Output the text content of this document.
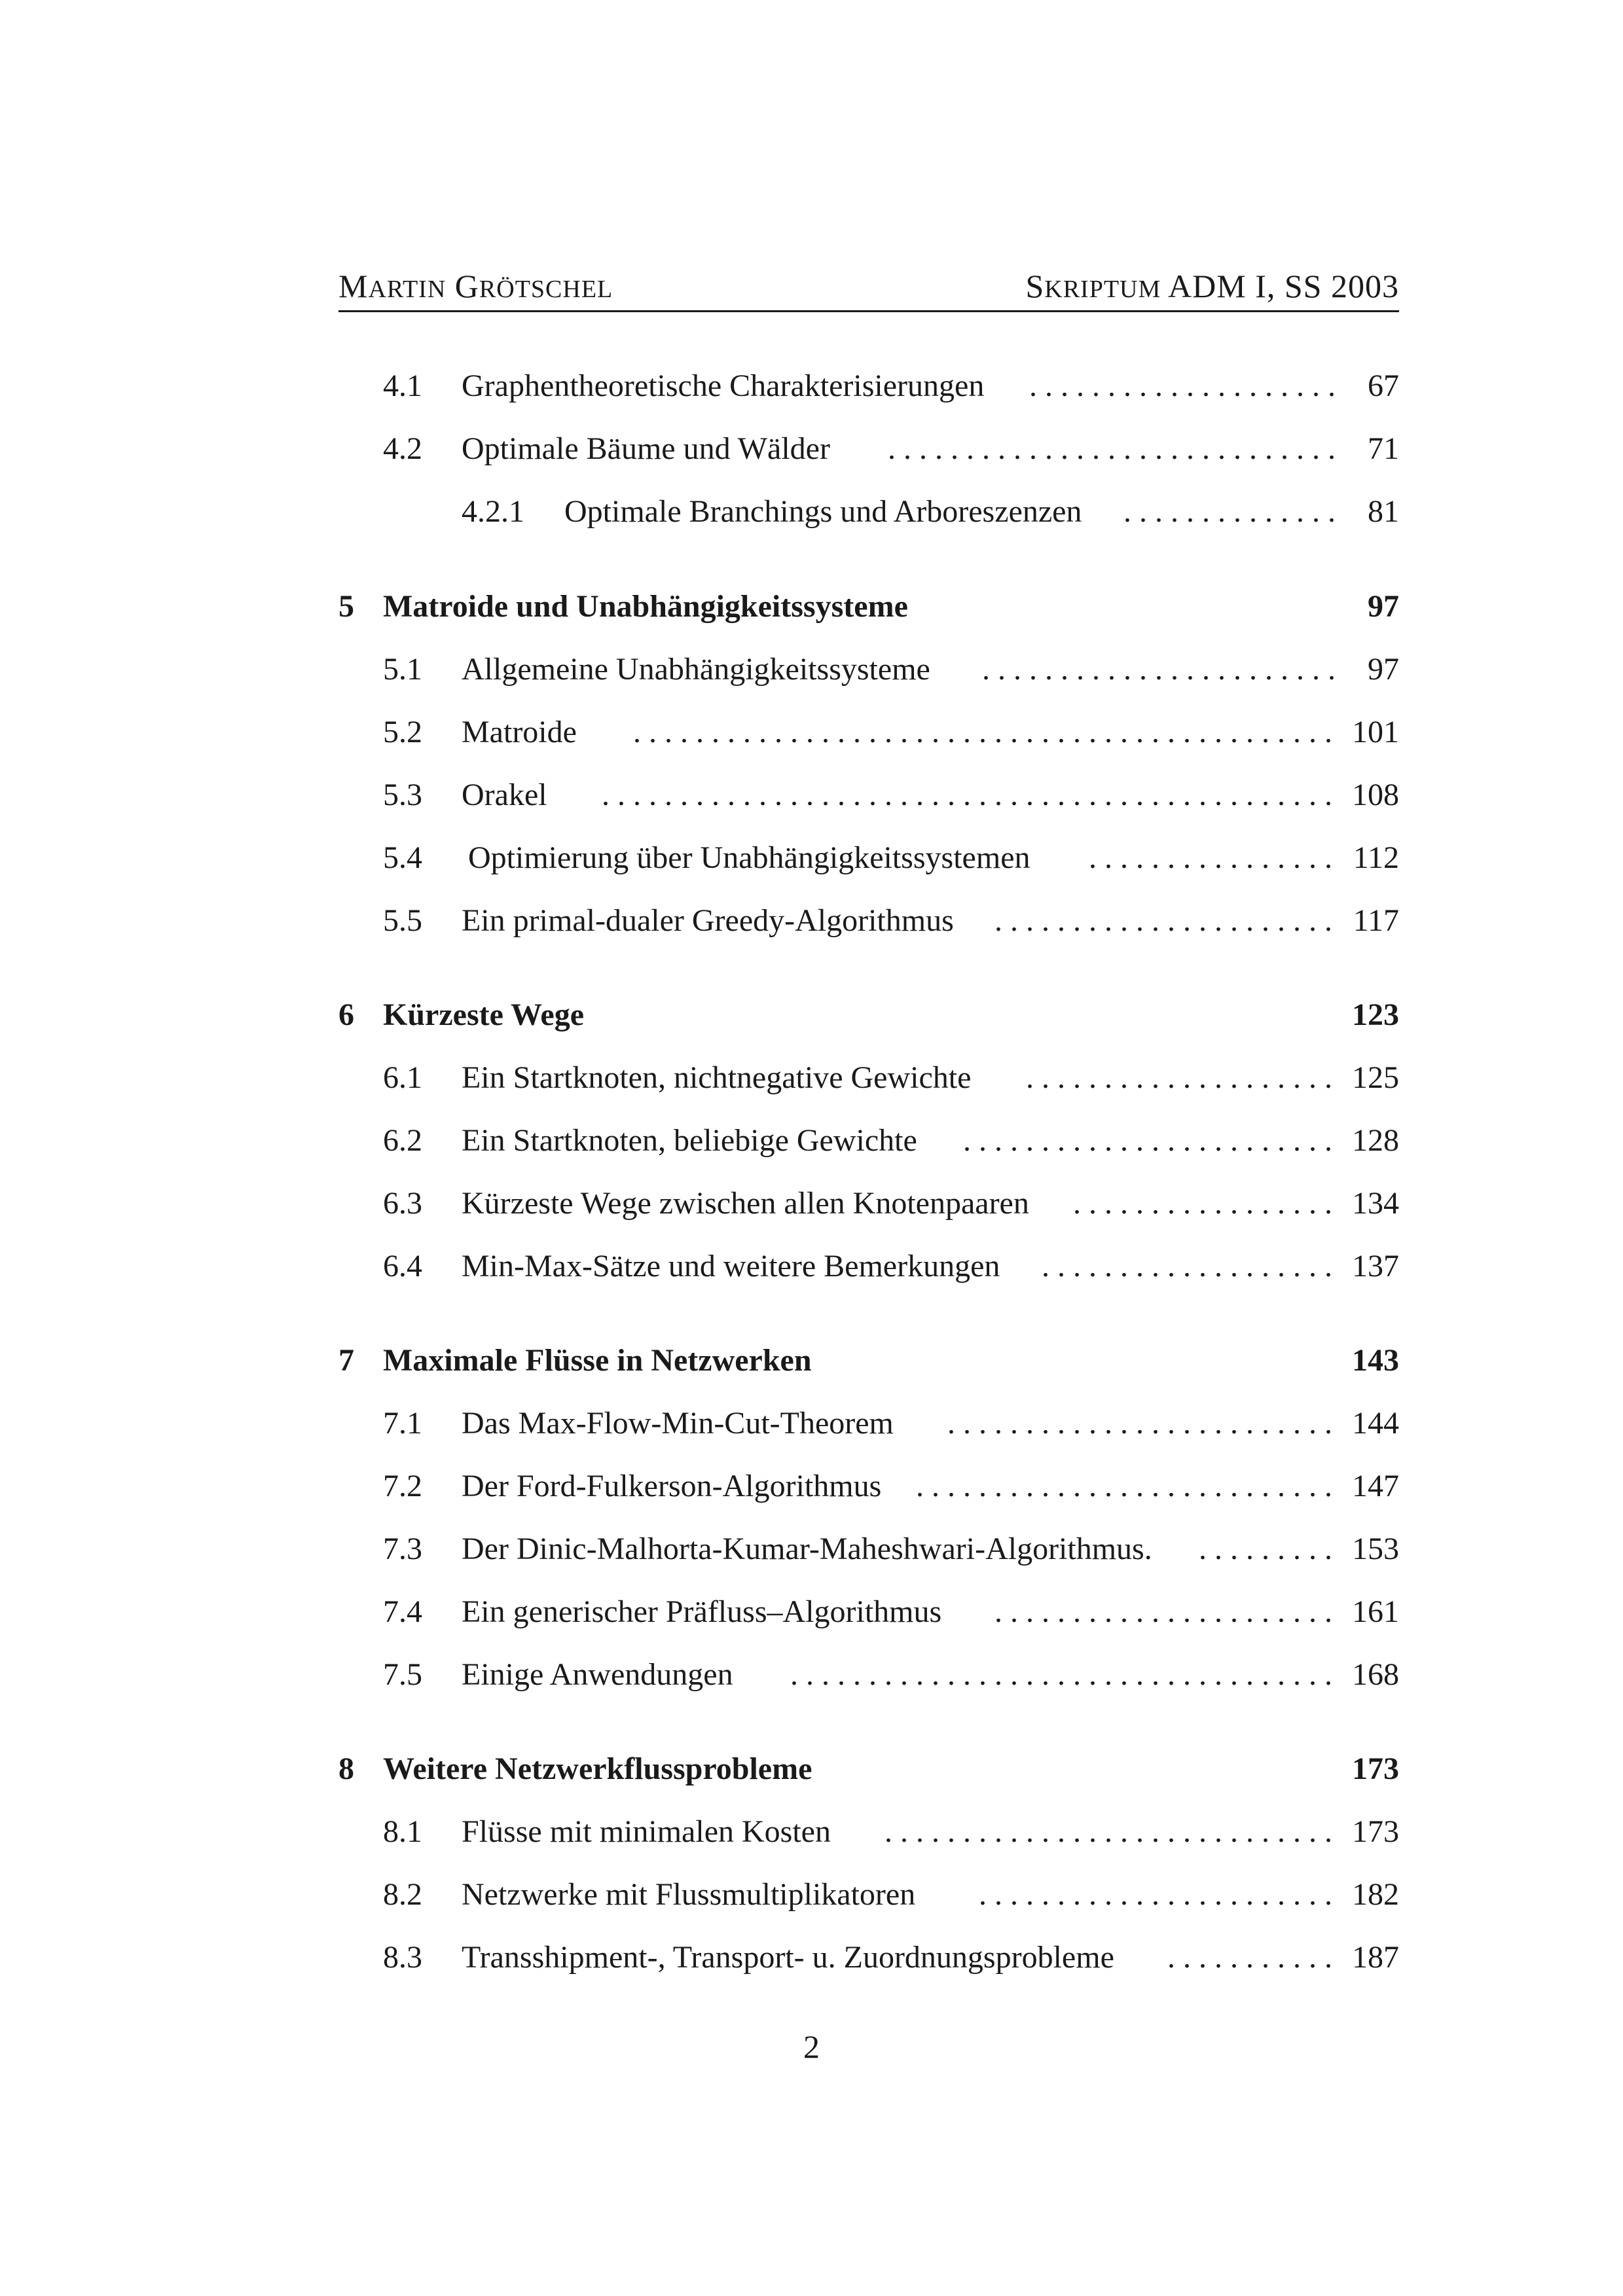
MARTIN GRÖTSCHEL	SKRIPTUM ADM I, SS 2003
4.1 Graphentheoretische Charakterisierungen . . . . . . . . . . . . . . . . . . . . 67
4.2 Optimale Bäume und Wälder	. . . . . . . . . . . . . . . . . . . . . . . . . . . . . 71
4.2.1 Optimale Branchings und Arboreszenzen . . . . . . . . . . . . . . 81
5 Matroide und Unabhängigkeitssysteme	97
5.1 Allgemeine Unabhängigkeitssysteme	. . . . . . . . . . . . . . . . . . . . . . . 97
5.2 Matroide	. . . . . . . . . . . . . . . . . . . . . . . . . . . . . . . . . . . . . . . . . . . . . 101
5.3 Orakel	. . . . . . . . . . . . . . . . . . . . . . . . . . . . . . . . . . . . . . . . . . . . . . . 108
5.4 Optimierung über Unabhängigkeitssystemen	. . . . . . . . . . . . . . . . 112
5.5 Ein primal-dualer Greedy-Algorithmus	. . . . . . . . . . . . . . . . . . . . . . 117
6 Kürzeste Wege	123
6.1 Ein Startknoten, nichtnegative Gewichte	. . . . . . . . . . . . . . . . . . . . 125
6.2 Ein Startknoten, beliebige Gewichte	. . . . . . . . . . . . . . . . . . . . . . . . 128
6.3 Kürzeste Wege zwischen allen Knotenpaaren . . . . . . . . . . . . . . . . . 134
6.4 Min-Max-Sätze und weitere Bemerkungen	. . . . . . . . . . . . . . . . . . . 137
7 Maximale Flüsse in Netzwerken	143
7.1 Das Max-Flow-Min-Cut-Theorem	. . . . . . . . . . . . . . . . . . . . . . . . . 144
7.2 Der Ford-Fulkerson-Algorithmus	. . . . . . . . . . . . . . . . . . . . . . . . . . . 147
7.3 Der Dinic-Malhorta-Kumar-Maheshwari-Algorithmus.	. . . . . . . . . 153
7.4 Ein generischer Präfluss–Algorithmus	. . . . . . . . . . . . . . . . . . . . . . 161
7.5 Einige Anwendungen	. . . . . . . . . . . . . . . . . . . . . . . . . . . . . . . . . . . 168
8 Weitere Netzwerkflussprobleme	173
8.1 Flüsse mit minimalen Kosten	. . . . . . . . . . . . . . . . . . . . . . . . . . . . . 173
8.2 Netzwerke mit Flussmultiplikatoren	. . . . . . . . . . . . . . . . . . . . . . . 182
8.3 Transshipment-, Transport- u. Zuordnungsprobleme	. . . . . . . . . . . 187
2
